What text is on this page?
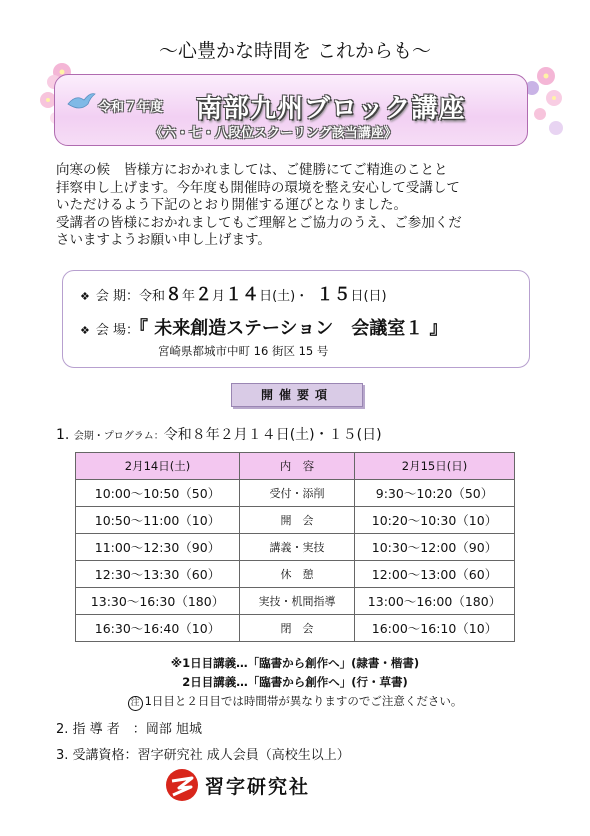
～心豊かな時間を これからも～
令和７年度 南部九州ブロック講座
《六・七・八段位スクーリング該当講座》

向寒の候　皆様方におかれましては、ご健勝にてご精進のことと

拝察申し上げます。今年度も開催時の環境を整え安心して受講して

いただけるよう下記のとおり開催する運びとなりました。

受講者の皆様におかれましてもご理解とご協力のうえ、ご参加くだ

さいますようお願い申し上げます。

❖ 会 期：令和８年２月１４日(土)・ １５日(日)
❖ 会 場：『 未来創造ステーション　会議室１ 』
宮崎県都城市中町 16 街区 15 号
開催要項
1. 会期・プログラム：令和８年２月１４日(土)・１５(日)
2月14日(土)	内　容	2月15日(日)
10:00～10:50（50）	受付・添削	9:30～10:20（50）
10:50～11:00（10）	開　会	10:20～10:30（10）
11:00～12:30（90）	講義・実技	10:30～12:00（90）
12:30～13:30（60）	休　憩	12:00～13:00（60）
13:30～16:30（180）	実技・机間指導	13:00～16:00（180）
16:30～16:40（10）	閉　会	16:00～16:10（10）
※1日目講義…「臨書から創作へ」(隷書・楷書)
2日目講義…「臨書から創作へ」(行・草書)
注 1日目と２日目では時間帯が異なりますのでご注意ください。
2. 指 導 者　：岡部 旭城
3. 受講資格：習字研究社 成人会員（高校生以上）
習字研究社
